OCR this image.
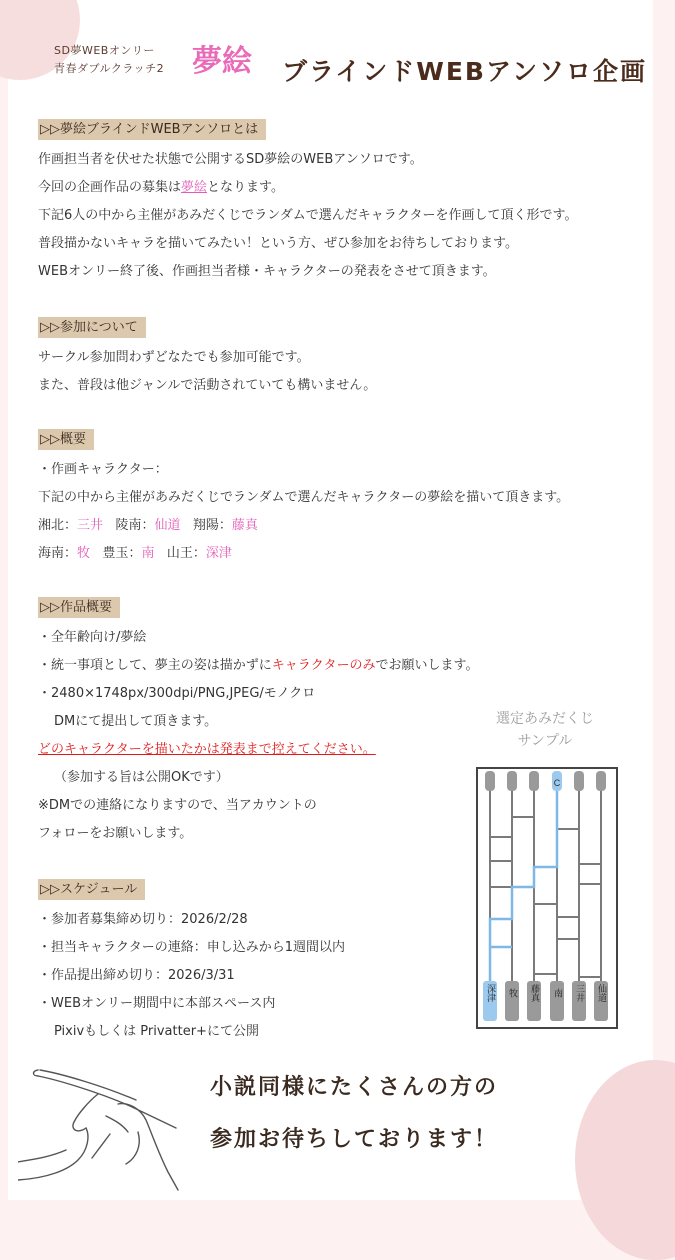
SD夢WEBオンリー
青春ダブルクラッチ2 夢絵 ブラインドWEBアンソロ企画
▷▷夢絵ブラインドWEBアンソロとは
作画担当者を伏せた状態で公開するSD夢絵のWEBアンソロです。
今回の企画作品の募集は夢絵となります。
下記6人の中から主催があみだくじでランダムで選んだキャラクターを作画して頂く形です。
普段描かないキャラを描いてみたい！という方、ぜひ参加をお待ちしております。
WEBオンリー終了後、作画担当者様・キャラクターの発表をさせて頂きます。
▷▷参加について
サークル参加問わずどなたでも参加可能です。
また、普段は他ジャンルで活動されていても構いません。
▷▷概要
・作画キャラクター：
下記の中から主催があみだくじでランダムで選んだキャラクターの夢絵を描いて頂きます。
湘北：三井 陵南：仙道 翔陽：藤真
海南：牧 豊玉：南 山王：深津
▷▷作品概要
・全年齢向け/夢絵
・統一事項として、夢主の姿は描かずにキャラクターのみでお願いします。
・2480×1748px/300dpi/PNG,JPEG/モノクロ
DMにて提出して頂きます。
どのキャラクターを描いたかは発表まで控えてください。
（参加する旨は公開OKです）
※DMでの連絡になりますので、当アカウントの
フォローをお願いします。
▷▷スケジュール
・参加者募集締め切り：2026/2/28
・担当キャラクターの連絡：申し込みから1週間以内
・作品提出締め切り：2026/3/31
・WEBオンリー期間中に本部スペース内
Pixivもしくは Privatter+にて公開
選定あみだくじ
サンプル
C
深津 牧 藤真 南 三井 仙道
小説同様にたくさんの方の
参加お待ちしております！
